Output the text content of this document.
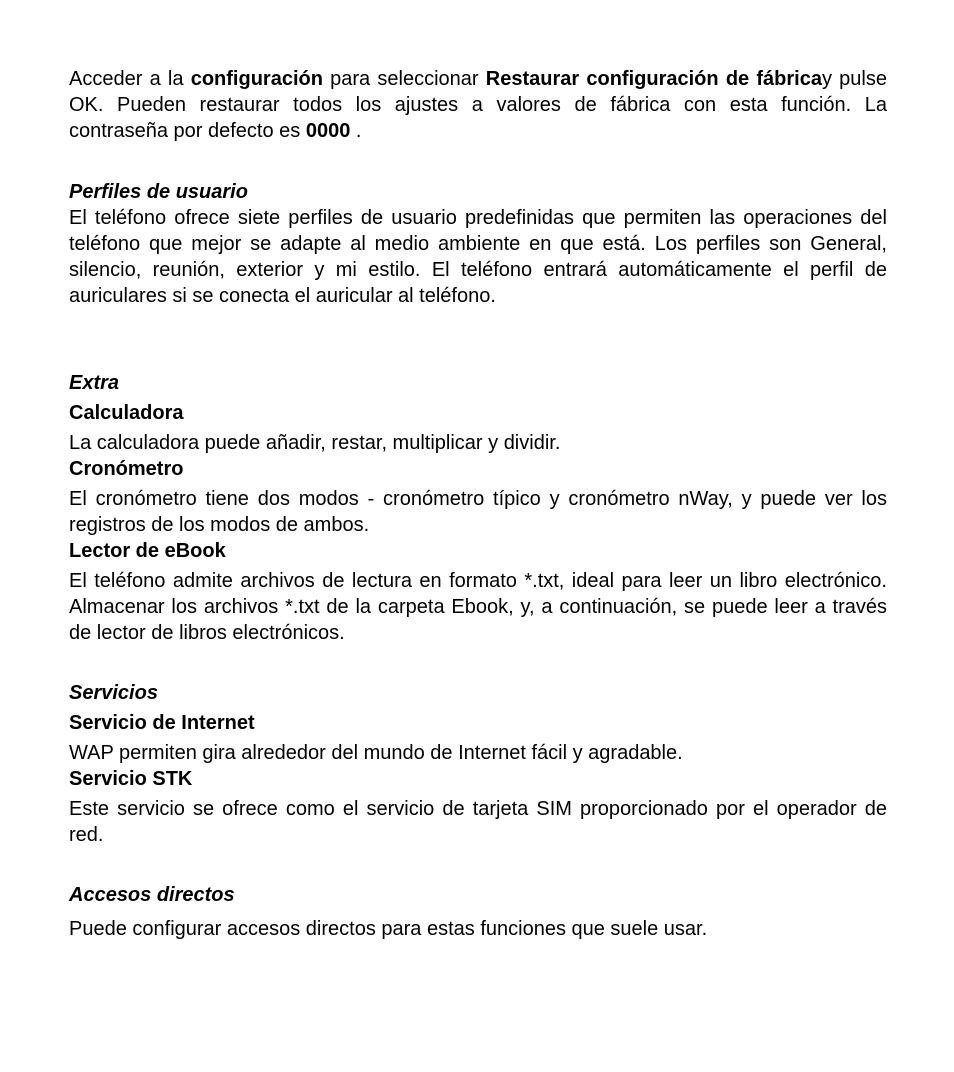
Acceder a la configuración para seleccionar Restaurar configuración de fábricay pulse OK. Pueden restaurar todos los ajustes a valores de fábrica con esta función. La contraseña por defecto es 0000 .

Perfiles de usuario

El teléfono ofrece siete perfiles de usuario predefinidas que permiten las operaciones del teléfono que mejor se adapte al medio ambiente en que está. Los perfiles son General, silencio, reunión, exterior y mi estilo. El teléfono entrará automáticamente el perfil de auriculares si se conecta el auricular al teléfono.

Extra
Calculadora

La calculadora puede añadir, restar, multiplicar y dividir.

Cronómetro

El cronómetro tiene dos modos - cronómetro típico y cronómetro nWay, y puede ver los registros de los modos de ambos.

Lector de eBook

El teléfono admite archivos de lectura en formato *.txt, ideal para leer un libro electrónico. Almacenar los archivos *.txt de la carpeta Ebook, y, a continuación, se puede leer a través de lector de libros electrónicos.

Servicios
Servicio de Internet

WAP permiten gira alrededor del mundo de Internet fácil y agradable.

Servicio STK

Este servicio se ofrece como el servicio de tarjeta SIM proporcionado por el operador de red.

Accesos directos

Puede configurar accesos directos para estas funciones que suele usar.
